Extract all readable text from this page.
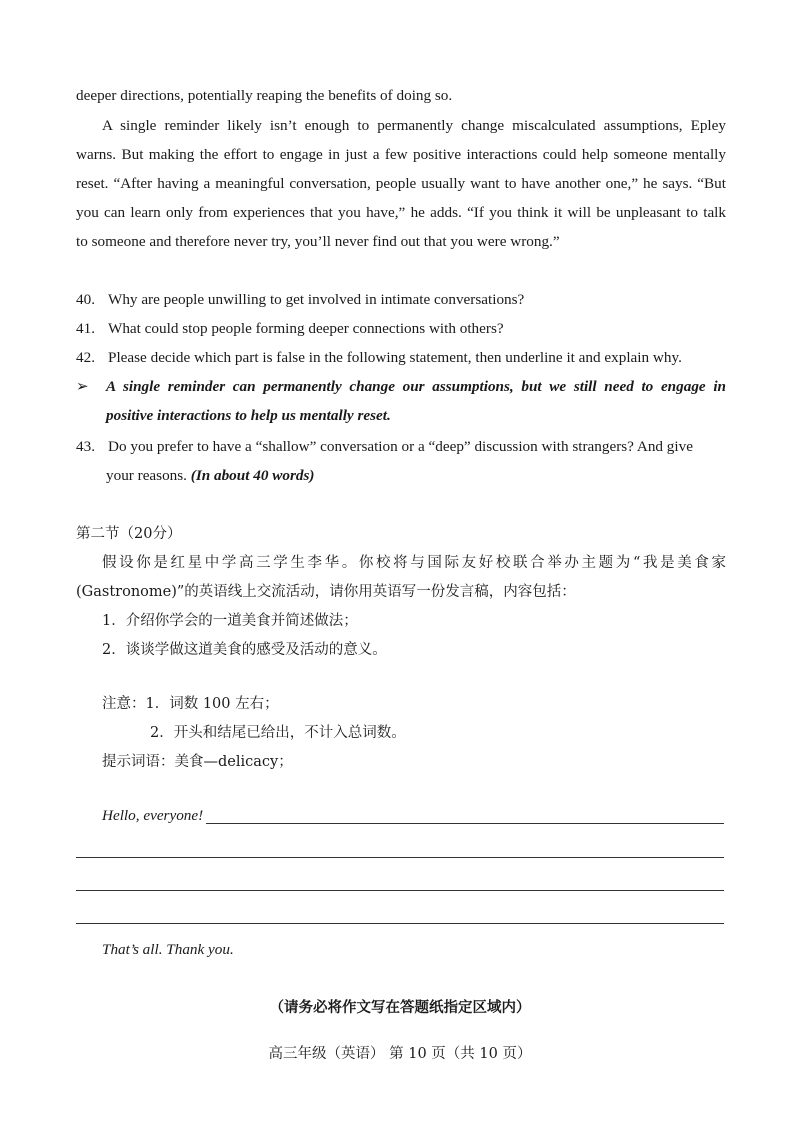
deeper directions, potentially reaping the benefits of doing so.
A single reminder likely isn’t enough to permanently change miscalculated assumptions, Epley
warns. But making the effort to engage in just a few positive interactions could help someone mentally
reset. “After having a meaningful conversation, people usually want to have another one,” he says. “But
you can learn only from experiences that you have,” he adds. “If you think it will be unpleasant to talk
to someone and therefore never try, you’ll never find out that you were wrong.”
40. Why are people unwilling to get involved in intimate conversations?
41. What could stop people forming deeper connections with others?
42. Please decide which part is false in the following statement, then underline it and explain why.
➢ A single reminder can permanently change our assumptions, but we still need to engage in
positive interactions to help us mentally reset.
43. Do you prefer to have a “shallow” conversation or a “deep” discussion with strangers? And give
your reasons. (In about 40 words)
第二节（20分）
假设你是红星中学高三学生李华。你校将与国际友好校联合举办主题为“我是美食家
(Gastronome)”的英语线上交流活动，请你用英语写一份发言稿，内容包括：
1．介绍你学会的一道美食并简述做法；
2．谈谈学做这道美食的感受及活动的意义。
注意：1．词数 100 左右；
2．开头和结尾已给出，不计入总词数。
提示词语：美食—delicacy；
Hello, everyone!
That’s all. Thank you.
（请务必将作文写在答题纸指定区域内）
高三年级（英语） 第 10 页（共 10 页）
